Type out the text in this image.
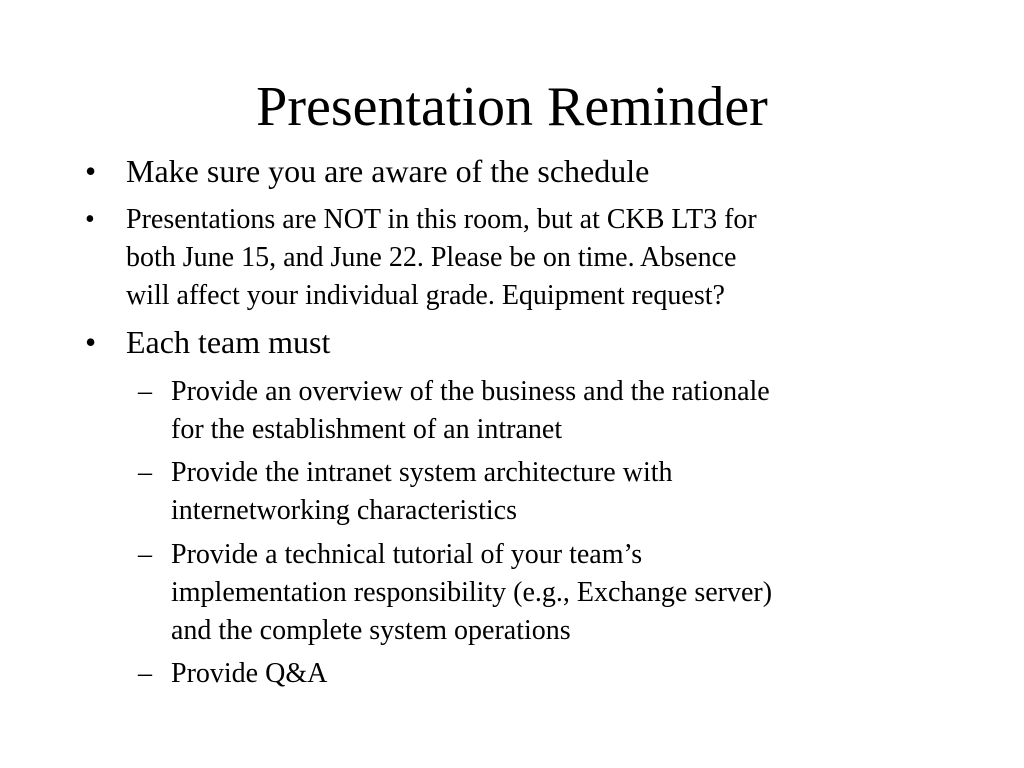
Presentation Reminder
• Make sure you are aware of the schedule
• Presentations are NOT in this room, but at CKB LT3 for
both June 15, and June 22. Please be on time. Absence
will affect your individual grade. Equipment request?
• Each team must
– Provide an overview of the business and the rationale
for the establishment of an intranet
– Provide the intranet system architecture with
internetworking characteristics
– Provide a technical tutorial of your team’s
implementation responsibility (e.g., Exchange server)
and the complete system operations
– Provide Q&A
